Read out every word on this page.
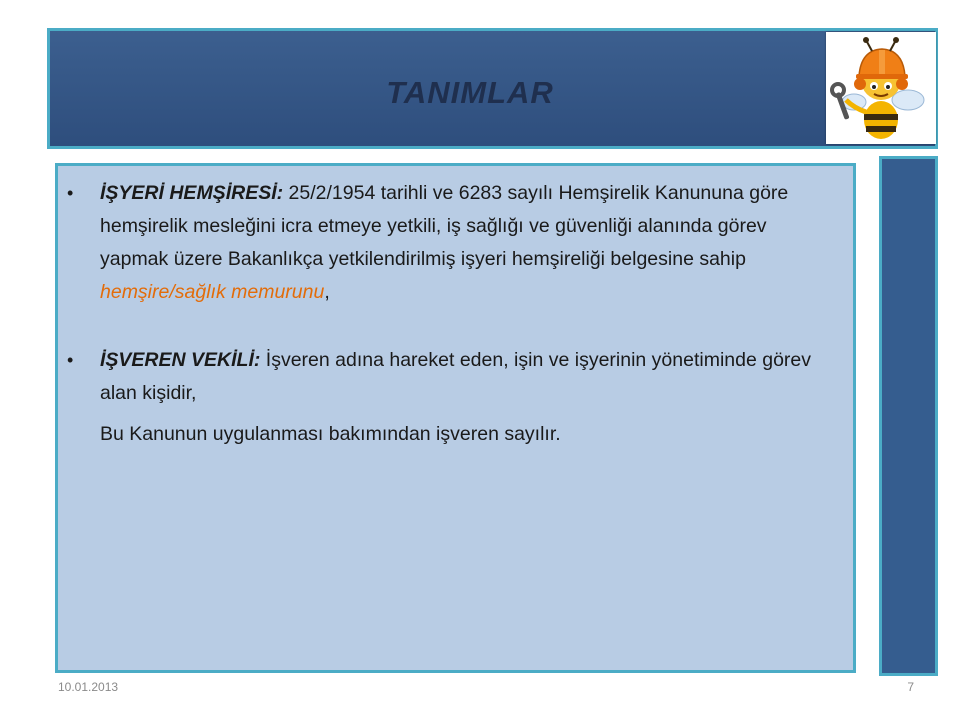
TANIMLAR
• İŞYERİ HEMŞİRESİ: 25/2/1954 tarihli ve 6283 sayılı Hemşirelik Kanununa göre hemşirelik mesleğini icra etmeye yetkili, iş sağlığı ve güvenliği alanında görev yapmak üzere Bakanlıkça yetkilendirilmiş işyeri hemşireliği belgesine sahip hemşire/sağlık memurunu,
• İŞVEREN VEKİLİ: İşveren adına hareket eden, işin ve işyerinin yönetiminde görev alan kişidir,
Bu Kanunun uygulanması bakımından işveren sayılır.
10.01.2013	7
